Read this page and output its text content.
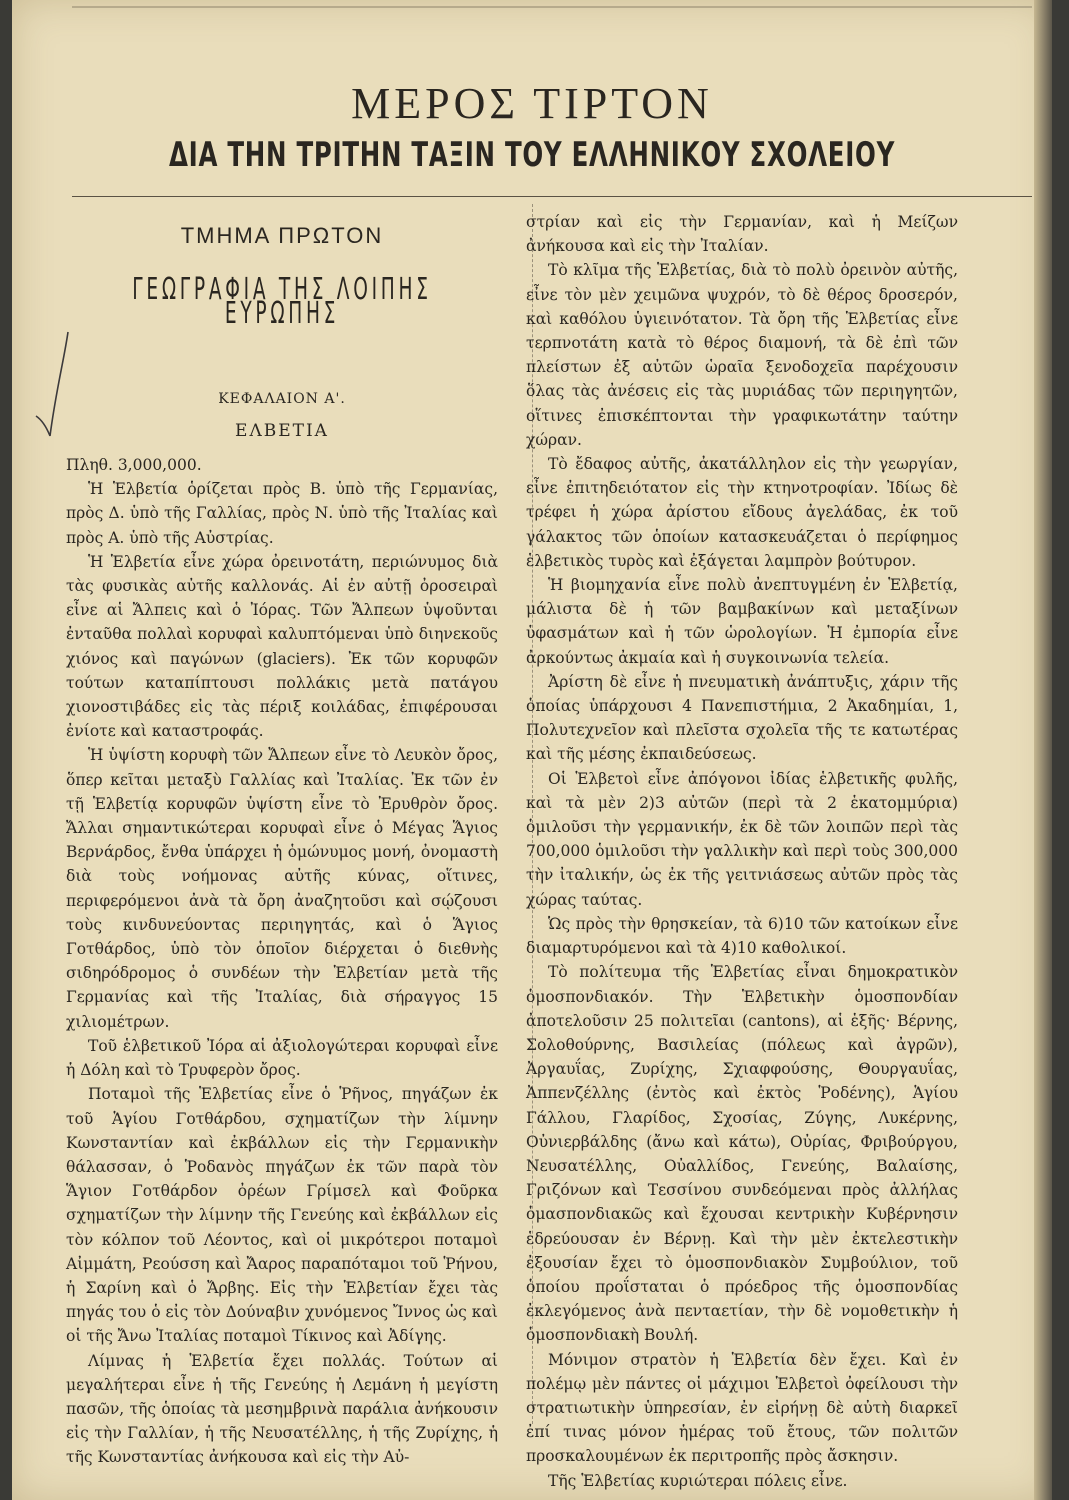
ΜΕΡΟΣ ΤΙΡΤΟΝ
ΔΙΑ ΤΗΝ ΤΡΙΤΗΝ ΤΑΞΙΝ ΤΟΥ ΕΛΛΗΝΙΚΟΥ ΣΧΟΛΕΙΟΥ
ΤΜΗΜΑ ΠΡΩΤΟΝ
ΓΕΩΓΡΑΦΙΑ ΤΗΣ ΛΟΙΠΗΣ ΕΥΡΩΠΗΣ
ΚΕΦΑΛΑΙΟΝ Α'.
ΕΛΒΕΤΙΑ
Πληθ. 3,000,000.

Ἡ Ἑλβετία ὁρίζεται πρὸς Β. ὑπὸ τῆς Γερμανίας, πρὸς Δ. ὑπὸ τῆς Γαλλίας, πρὸς Ν. ὑπὸ τῆς Ἰταλίας καὶ πρὸς Α. ὑπὸ τῆς Αὐστρίας.

Ἡ Ἑλβετία εἶνε χώρα ὀρεινοτάτη, περιώνυμος διὰ τὰς φυσικὰς αὐτῆς καλλονάς. Αἱ ἐν αὐτῇ ὀροσειραὶ εἶνε αἱ Ἄλπεις καὶ ὁ Ἰόρας. Τῶν Ἄλπεων ὑψοῦνται ἐνταῦθα πολλαὶ κορυφαὶ καλυπτόμεναι ὑπὸ διηνεκοῦς χιόνος καὶ παγώνων (glaciers). Ἐκ τῶν κορυφῶν τούτων καταπίπτουσι πολλάκις μετὰ πατάγου χιονοστιβάδες εἰς τὰς πέριξ κοιλάδας, ἐπιφέρουσαι ἐνίοτε καὶ καταστροφάς.

Ἡ ὑψίστη κορυφὴ τῶν Ἄλπεων εἶνε τὸ Λευκὸν ὄρος, ὅπερ κεῖται μεταξὺ Γαλλίας καὶ Ἰταλίας. Ἐκ τῶν ἐν τῇ Ἑλβετίᾳ κορυφῶν ὑψίστη εἶνε τὸ Ἐρυθρὸν ὄρος. Ἄλλαι σημαντικώτεραι κορυφαὶ εἶνε ὁ Μέγας Ἅγιος Βερνάρδος, ἔνθα ὑπάρχει ἡ ὁμώνυμος μονή, ὀνομαστὴ διὰ τοὺς νοήμονας αὐτῆς κύνας, οἵτινες, περιφερόμενοι ἀνὰ τὰ ὄρη ἀναζητοῦσι καὶ σῴζουσι τοὺς κινδυνεύοντας περιηγητάς, καὶ ὁ Ἅγιος Γοτθάρδος, ὑπὸ τὸν ὁποῖον διέρχεται ὁ διεθνὴς σιδηρόδρομος ὁ συνδέων τὴν Ἑλβετίαν μετὰ τῆς Γερμανίας καὶ τῆς Ἰταλίας, διὰ σήραγγος 15 χιλιομέτρων.

Τοῦ ἑλβετικοῦ Ἰόρα αἱ ἀξιολογώτεραι κορυφαὶ εἶνε ἡ Δόλη καὶ τὸ Τρυφερὸν ὄρος.

Ποταμοὶ τῆς Ἑλβετίας εἶνε ὁ Ῥῆνος, πηγάζων ἐκ τοῦ Ἁγίου Γοτθάρδου, σχηματίζων τὴν λίμνην Κωνσταντίαν καὶ ἐκβάλλων εἰς τὴν Γερμανικὴν θάλασσαν, ὁ Ῥοδανὸς πηγάζων ἐκ τῶν παρὰ τὸν Ἅγιον Γοτθάρδον ὀρέων Γρίμσελ καὶ Φοῦρκα σχηματίζων τὴν λίμνην τῆς Γενεύης καὶ ἐκβάλλων εἰς τὸν κόλπον τοῦ Λέοντος, καὶ οἱ μικρότεροι ποταμοὶ Αἰμμάτη, Ρεούσση καὶ Ἄαρος παραπόταμοι τοῦ Ῥήνου, ἡ Σαρίνη καὶ ὁ Ἄρβης. Εἰς τὴν Ἑλβετίαν ἔχει τὰς πηγάς του ὁ εἰς τὸν Δούναβιν χυνόμενος Ἴννος ὡς καὶ οἱ τῆς Ἄνω Ἰταλίας ποταμοὶ Τίκινος καὶ Ἀδίγης.

Λίμνας ἡ Ἑλβετία ἔχει πολλάς. Τούτων αἱ μεγαλήτεραι εἶνε ἡ τῆς Γενεύης ἡ Λεμάνη ἡ μεγίστη πασῶν, τῆς ὁποίας τὰ μεσημβρινὰ παράλια ἀνήκουσιν εἰς τὴν Γαλλίαν, ἡ τῆς Νευσατέλλης, ἡ τῆς Ζυρίχης, ἡ τῆς Κωνσταντίας ἀνήκουσα καὶ εἰς τὴν Αὐ-

στρίαν καὶ εἰς τὴν Γερμανίαν, καὶ ἡ Μείζων ἀνήκουσα καὶ εἰς τὴν Ἰταλίαν.

Τὸ κλῖμα τῆς Ἑλβετίας, διὰ τὸ πολὺ ὀρεινὸν αὐτῆς, εἶνε τὸν μὲν χειμῶνα ψυχρόν, τὸ δὲ θέρος δροσερόν, καὶ καθόλου ὑγιεινότατον. Τὰ ὄρη τῆς Ἑλβετίας εἶνε τερπνοτάτη κατὰ τὸ θέρος διαμονή, τὰ δὲ ἐπὶ τῶν πλείστων ἐξ αὐτῶν ὡραῖα ξενοδοχεῖα παρέχουσιν ὅλας τὰς ἀνέσεις εἰς τὰς μυριάδας τῶν περιηγητῶν, οἵτινες ἐπισκέπτονται τὴν γραφικωτάτην ταύτην χώραν.

Τὸ ἔδαφος αὐτῆς, ἀκατάλληλον εἰς τὴν γεωργίαν, εἶνε ἐπιτηδειότατον εἰς τὴν κτηνοτροφίαν. Ἰδίως δὲ τρέφει ἡ χώρα ἀρίστου εἴδους ἀγελάδας, ἐκ τοῦ γάλακτος τῶν ὁποίων κατασκευάζεται ὁ περίφημος ἑλβετικὸς τυρὸς καὶ ἐξάγεται λαμπρὸν βούτυρον.

Ἡ βιομηχανία εἶνε πολὺ ἀνεπτυγμένη ἐν Ἑλβετίᾳ, μάλιστα δὲ ἡ τῶν βαμβακίνων καὶ μεταξίνων ὑφασμάτων καὶ ἡ τῶν ὡρολογίων. Ἡ ἐμπορία εἶνε ἀρκούντως ἀκμαία καὶ ἡ συγκοινωνία τελεία.

Ἀρίστη δὲ εἶνε ἡ πνευματικὴ ἀνάπτυξις, χάριν τῆς ὁποίας ὑπάρχουσι 4 Πανεπιστήμια, 2 Ἀκαδημίαι, 1, Πολυτεχνεῖον καὶ πλεῖστα σχολεῖα τῆς τε κατωτέρας καὶ τῆς μέσης ἐκπαιδεύσεως.

Οἱ Ἑλβετοὶ εἶνε ἀπόγονοι ἰδίας ἑλβετικῆς φυλῆς, καὶ τὰ μὲν 2)3 αὐτῶν (περὶ τὰ 2 ἑκατομμύρια) ὁμιλοῦσι τὴν γερμανικήν, ἐκ δὲ τῶν λοιπῶν περὶ τὰς 700,000 ὁμιλοῦσι τὴν γαλλικὴν καὶ περὶ τοὺς 300,000 τὴν ἰταλικήν, ὡς ἐκ τῆς γειτνιάσεως αὐτῶν πρὸς τὰς χώρας ταύτας.

Ὡς πρὸς τὴν θρησκείαν, τὰ 6)10 τῶν κατοίκων εἶνε διαμαρτυρόμενοι καὶ τὰ 4)10 καθολικοί.

Τὸ πολίτευμα τῆς Ἑλβετίας εἶναι δημοκρατικὸν ὁμοσπονδιακόν. Τὴν Ἑλβετικὴν ὁμοσπονδίαν ἀποτελοῦσιν 25 πολιτεῖαι (cantons), αἱ ἑξῆς· Βέρνης, Σολοθούρνης, Βασιλείας (πόλεως καὶ ἀγρῶν), Ἀργαυΐας, Ζυρίχης, Σχιαφφούσης, Θουργαυΐας, Ἀππενζέλλης (ἐντὸς καὶ ἐκτὸς Ῥοδένης), Ἁγίου Γάλλου, Γλαρίδος, Σχοσίας, Ζύγης, Λυκέρνης, Οὐνιερβάλδης (ἄνω καὶ κάτω), Οὐρίας, Φριβούργου, Νευσατέλλης, Οὐαλλίδος, Γενεύης, Βαλαίσης, Γριζόνων καὶ Τεσσίνου συνδεόμεναι πρὸς ἀλλήλας ὁμασπονδιακῶς καὶ ἔχουσαι κεντρικὴν Κυβέρνησιν ἑδρεύουσαν ἐν Βέρνῃ. Καὶ τὴν μὲν ἐκτελεστικὴν ἐξουσίαν ἔχει τὸ ὁμοσπονδιακὸν Συμβούλιον, τοῦ ὁποίου προΐσταται ὁ πρόεδρος τῆς ὁμοσπονδίας ἐκλεγόμενος ἀνὰ πενταετίαν, τὴν δὲ νομοθετικὴν ἡ ὁμοσπονδιακὴ Βουλή.

Μόνιμον στρατὸν ἡ Ἑλβετία δὲν ἔχει. Καὶ ἐν πολέμῳ μὲν πάντες οἱ μάχιμοι Ἑλβετοὶ ὀφείλουσι τὴν στρατιωτικὴν ὑπηρεσίαν, ἐν εἰρήνῃ δὲ αὐτὴ διαρκεῖ ἐπί τινας μόνον ἡμέρας τοῦ ἔτους, τῶν πολιτῶν προσκαλουμένων ἐκ περιτροπῆς πρὸς ἄσκησιν.

Τῆς Ἑλβετίας κυριώτεραι πόλεις εἶνε.
